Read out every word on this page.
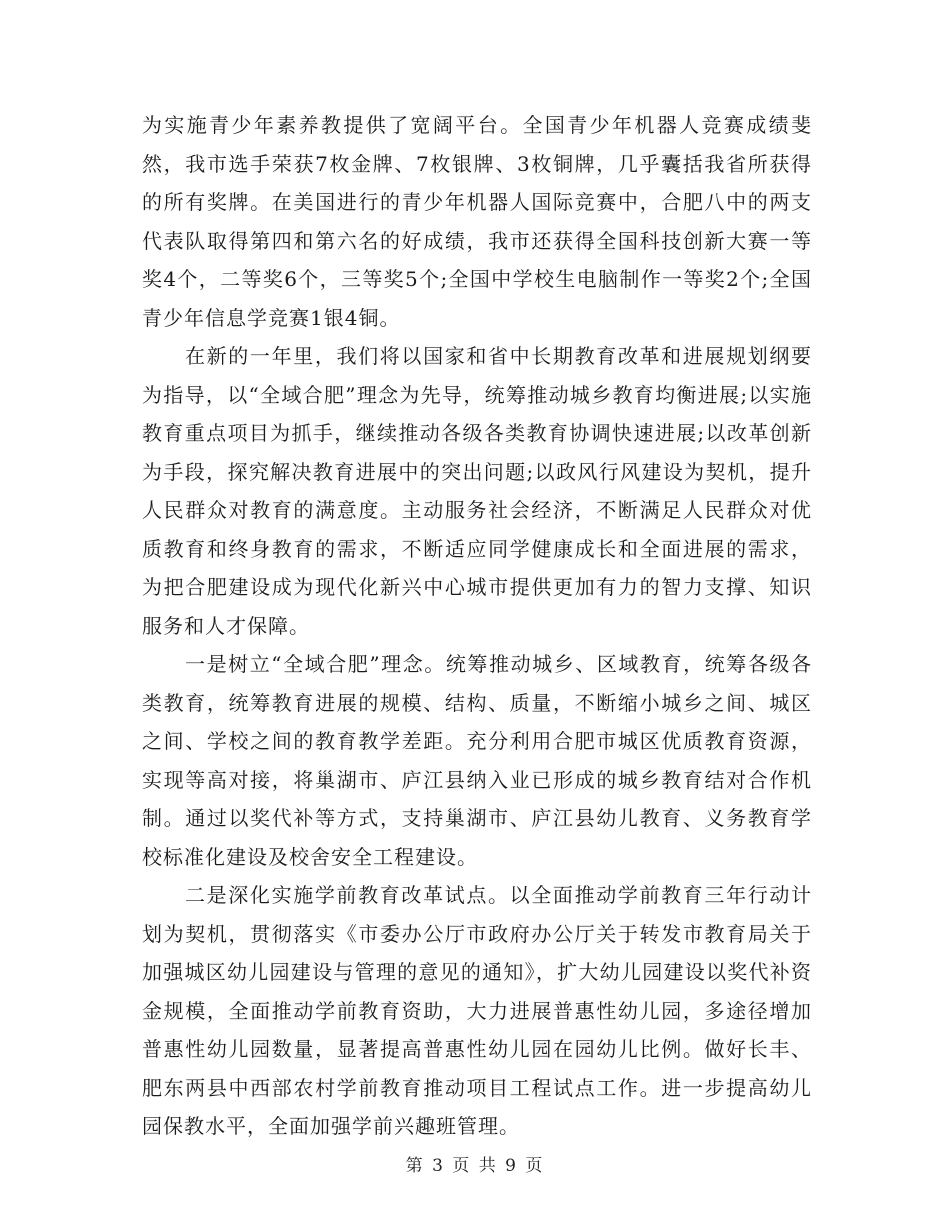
为实施青少年素养教提供了宽阔平台。全国青少年机器人竞赛成绩斐然，我市选手荣获7枚金牌、7枚银牌、3枚铜牌，几乎囊括我省所获得的所有奖牌。在美国进行的青少年机器人国际竞赛中，合肥八中的两支代表队取得第四和第六名的好成绩，我市还获得全国科技创新大赛一等奖4个，二等奖6个，三等奖5个;全国中学校生电脑制作一等奖2个;全国青少年信息学竞赛1银4铜。

在新的一年里，我们将以国家和省中长期教育改革和进展规划纲要为指导，以“全域合肥”理念为先导，统筹推动城乡教育均衡进展;以实施教育重点项目为抓手，继续推动各级各类教育协调快速进展;以改革创新为手段，探究解决教育进展中的突出问题;以政风行风建设为契机，提升人民群众对教育的满意度。主动服务社会经济，不断满足人民群众对优质教育和终身教育的需求，不断适应同学健康成长和全面进展的需求，为把合肥建设成为现代化新兴中心城市提供更加有力的智力支撑、知识服务和人才保障。

一是树立“全域合肥”理念。统筹推动城乡、区域教育，统筹各级各类教育，统筹教育进展的规模、结构、质量，不断缩小城乡之间、城区之间、学校之间的教育教学差距。充分利用合肥市城区优质教育资源，实现等高对接，将巢湖市、庐江县纳入业已形成的城乡教育结对合作机制。通过以奖代补等方式，支持巢湖市、庐江县幼儿教育、义务教育学校标准化建设及校舍安全工程建设。

二是深化实施学前教育改革试点。以全面推动学前教育三年行动计划为契机，贯彻落实《市委办公厅市政府办公厅关于转发市教育局关于加强城区幼儿园建设与管理的意见的通知》，扩大幼儿园建设以奖代补资金规模，全面推动学前教育资助，大力进展普惠性幼儿园，多途径增加普惠性幼儿园数量，显著提高普惠性幼儿园在园幼儿比例。做好长丰、肥东两县中西部农村学前教育推动项目工程试点工作。进一步提高幼儿园保教水平，全面加强学前兴趣班管理。

第 3 页 共 9 页
